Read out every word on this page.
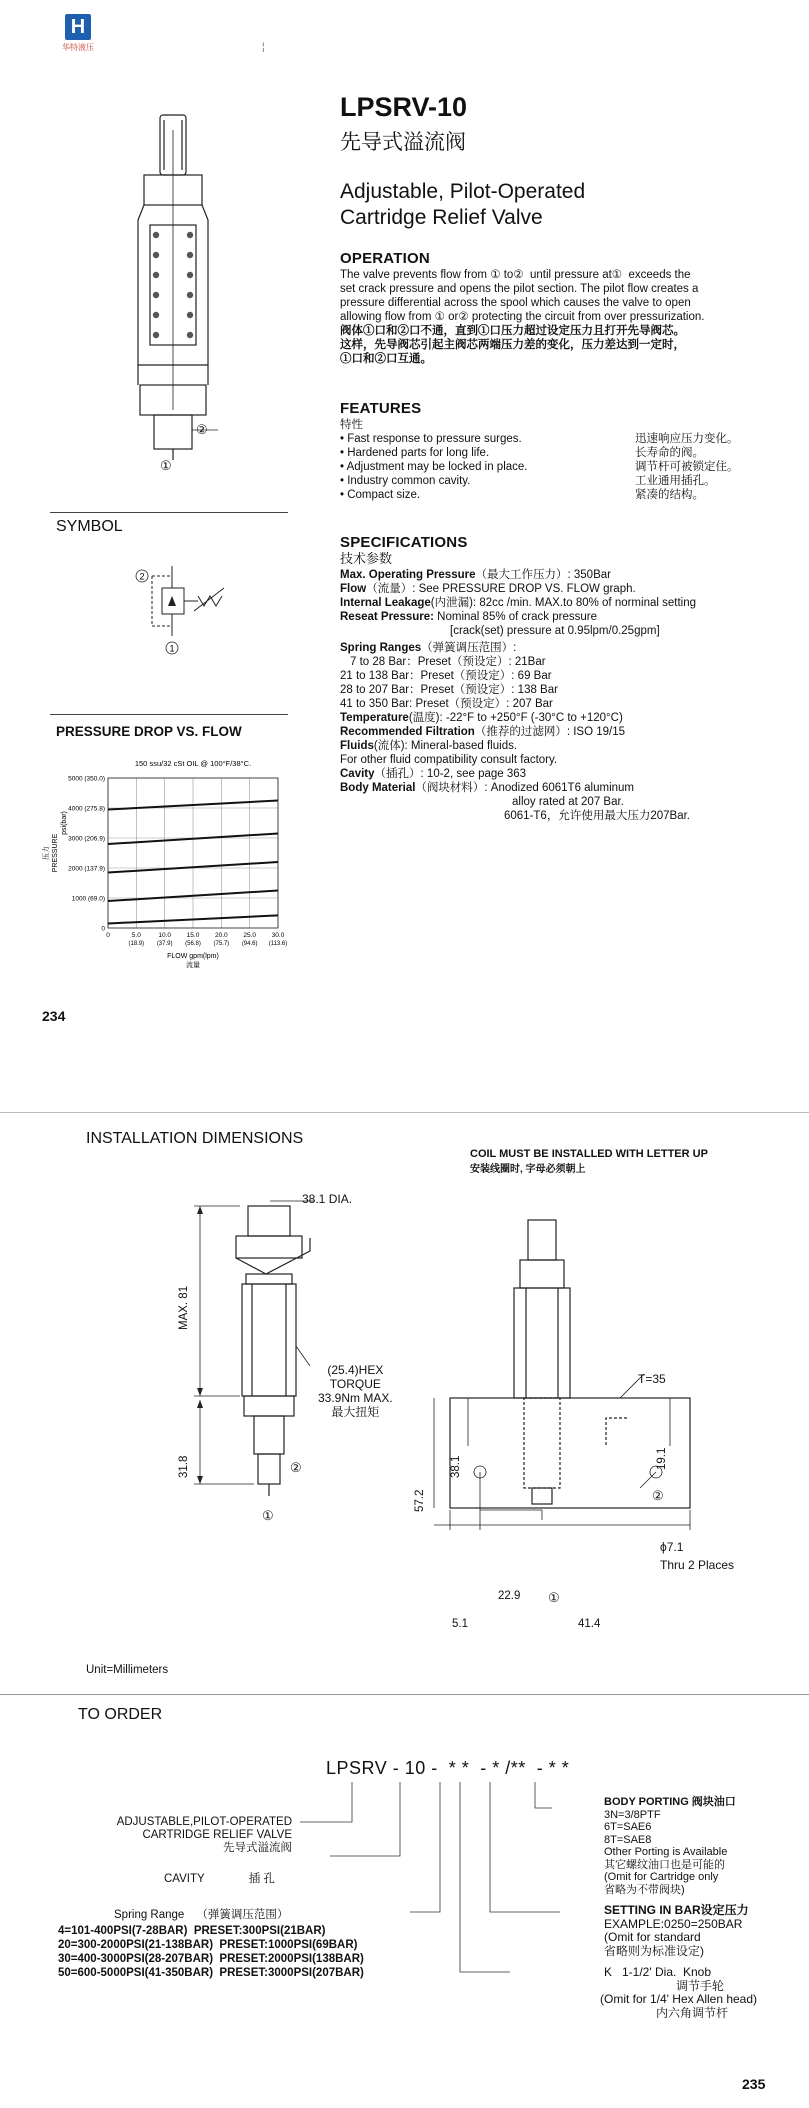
H
华特液压	¦
②
①
LPSRV-10
先导式溢流阀
Adjustable, Pilot-Operated
Cartridge Relief Valve
OPERATION
The valve prevents flow from ① to②  until pressure at①  exceeds the
set crack pressure and opens the pilot section. The pilot flow creates a
pressure differential across the spool which causes the valve to open
allowing flow from ① or② protecting the circuit from over pressurization.
阀体①口和②口不通，直到①口压力超过设定压力且打开先导阀芯。
这样，先导阀芯引起主阀芯两端压力差的变化，压力差达到一定时，
①口和②口互通。
FEATURES
特性
• Fast response to pressure surges.	迅速响应压力变化。
• Hardened parts for long life.	长寿命的阀。
• Adjustment may be locked in place.	调节杆可被锁定住。
• Industry common cavity.	工业通用插孔。
• Compact size.	紧凑的结构。
SPECIFICATIONS
技术参数
Max. Operating Pressure（最大工作压力）: 350Bar
Flow（流量）: See PRESSURE DROP VS. FLOW graph.
Internal Leakage(内泄漏): 82cc /min. MAX.to 80% of norminal setting
Reseat Pressure: Nominal 85% of crack pressure
[crack(set) pressure at 0.95lpm/0.25gpm]
Spring Ranges（弹簧调压范围）:
7 to 28 Bar：Preset（预设定）: 21Bar
21 to 138 Bar：Preset（预设定）: 69 Bar
28 to 207 Bar：Preset（预设定）: 138 Bar
41 to 350 Bar: Preset（预设定）: 207 Bar
Temperature(温度): -22°F to +250°F (-30°C to +120°C)
Recommended Filtration（推荐的过滤网）: ISO 19/15
Fluids(流体): Mineral-based fluids.
For other fluid compatibility consult factory.
Cavity（插孔）: 10-2, see page 363
Body Material（阀块材料）: Anodized 6061T6 aluminum
alloy rated at 207 Bar.
6061-T6，允许使用最大压力207Bar.
SYMBOL
2
1
PRESSURE DROP VS. FLOW
150 ssu/32 cSt OIL @ 100°F/38°C.
0
1000 (69.0)
2000 (137.9)
3000 (206.9)
4000 (275.8)
5000 (350.0)
0	5.0
(18.9)
10.0
(37.9)
15.0
(56.8)
20.0
(75.7)
25.0
(94.6)
30.0
(113.6)
FLOW gpm(lpm)
流量
压力 PRESSURE
psi(bar)
234
INSTALLATION DIMENSIONS
COIL MUST BE INSTALLED WITH LETTER UP
安装线圈时, 字母必须朝上
38.1 DIA.
MAX. 81
(25.4)HEX
TORQUE
33.9Nm MAX.
最大扭矩
31.8	②
①
T=35
19.1
38.1
57.2	②
ϕ7.1
Thru 2 Places
22.9 ①
5.1	41.4
Unit=Millimeters
TO ORDER
LPSRV - 10 -  * *  - * /**  - * *
ADJUSTABLE,PILOT-OPERATED
CARTRIDGE RELIEF VALVE
先导式溢流阀
CAVITY	插 孔
Spring Range （弹簧调压范围）
4=101-400PSI(7-28BAR)  PRESET:300PSI(21BAR)
20=300-2000PSI(21-138BAR)  PRESET:1000PSI(69BAR)
30=400-3000PSI(28-207BAR)  PRESET:2000PSI(138BAR)
50=600-5000PSI(41-350BAR)  PRESET:3000PSI(207BAR)
BODY PORTING 阀块油口
3N=3/8PTF
6T=SAE6
8T=SAE8
Other Porting is Available
其它螺纹油口也是可能的
(Omit for Cartridge only
省略为不带阀块)
SETTING IN BAR设定压力
EXAMPLE:0250=250BAR
(Omit for standard
省略则为标准设定)
K   1-1/2' Dia.  Knob
调节手轮
(Omit for 1/4' Hex Allen head)
内六角调节杆
235
